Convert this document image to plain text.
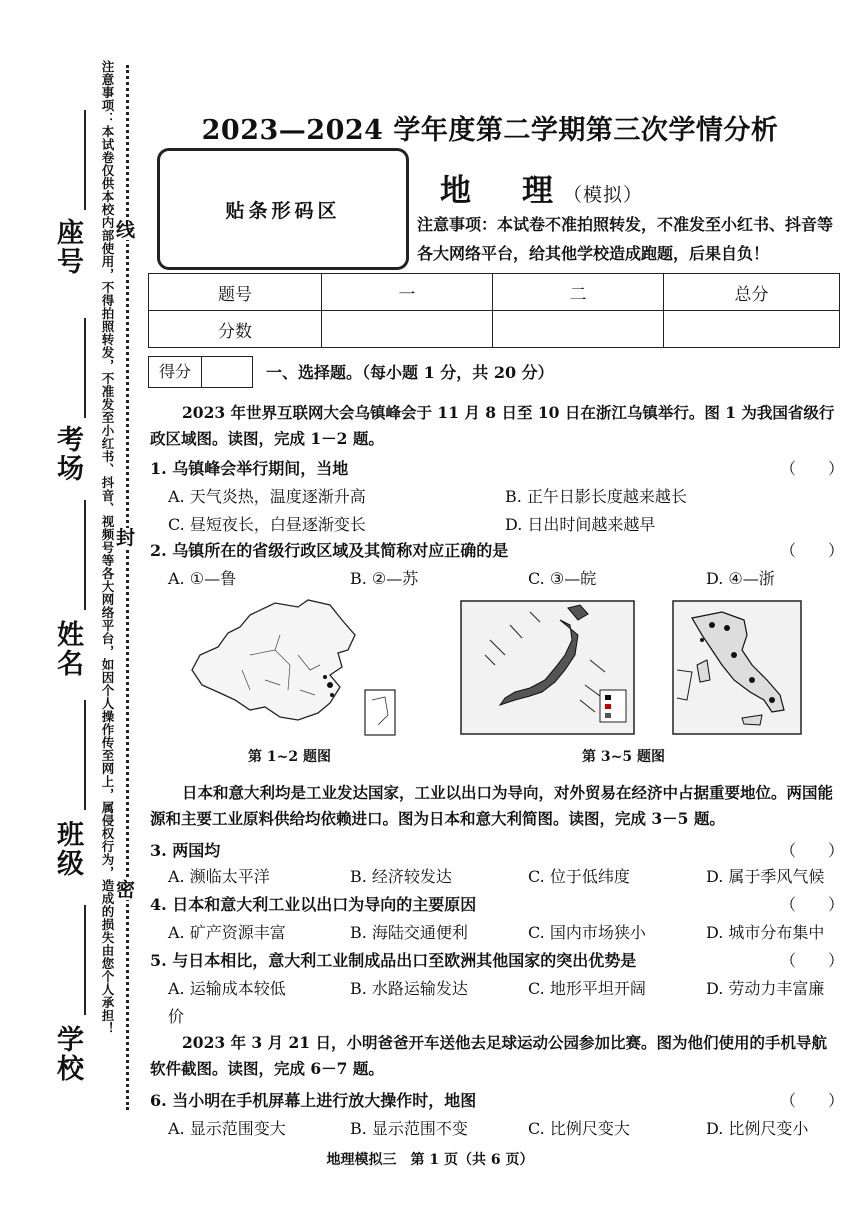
座号
考场
姓名
班级
学校
注意事项：本试卷仅供本校内部使用，不得拍照转发，不准发至小红书、抖音、视频号等各大网络平台，如因个人操作传至网上，属侵权行为，造成的损失由您个人承担！ 线
封
密
2023—2024 学年度第二学期第三次学情分析
贴条形码区
地　理（模拟）
注意事项：本试卷不准拍照转发，不准发至小红书、抖音等各大网络平台，给其他学校造成跑题，后果自负！
题号	一	二	总分
分数			
得分	一、选择题。（每小题 1 分，共 20 分）
2023 年世界互联网大会乌镇峰会于 11 月 8 日至 10 日在浙江乌镇举行。图 1 为我国省级行政区域图。读图，完成 1－2 题。
1. 乌镇峰会举行期间，当地	（　　）
A. 天气炎热，温度逐渐升高	B. 正午日影长度越来越长
C. 昼短夜长，白昼逐渐变长	D. 日出时间越来越早
2. 乌镇所在的省级行政区域及其简称对应正确的是	（　　）
A. ①—鲁	B. ②—苏	C. ③—皖	D. ④—浙
第 1~2 题图	第 3~5 题图
日本和意大利均是工业发达国家，工业以出口为导向，对外贸易在经济中占据重要地位。两国能源和主要工业原料供给均依赖进口。图为日本和意大利简图。读图，完成 3－5 题。
3. 两国均	（　　）
A. 濒临太平洋	B. 经济较发达	C. 位于低纬度	D. 属于季风气候
4. 日本和意大利工业以出口为导向的主要原因	（　　）
A. 矿产资源丰富	B. 海陆交通便利	C. 国内市场狭小	D. 城市分布集中
5. 与日本相比，意大利工业制成品出口至欧洲其他国家的突出优势是	（　　）
A. 运输成本较低	B. 水路运输发达	C. 地形平坦开阔	D. 劳动力丰富廉
价
2023 年 3 月 21 日，小明爸爸开车送他去足球运动公园参加比赛。图为他们使用的手机导航软件截图。读图，完成 6－7 题。
6. 当小明在手机屏幕上进行放大操作时，地图	（　　）
A. 显示范围变大	B. 显示范围不变	C. 比例尺变大	D. 比例尺变小
地理模拟三　第 1 页（共 6 页）
